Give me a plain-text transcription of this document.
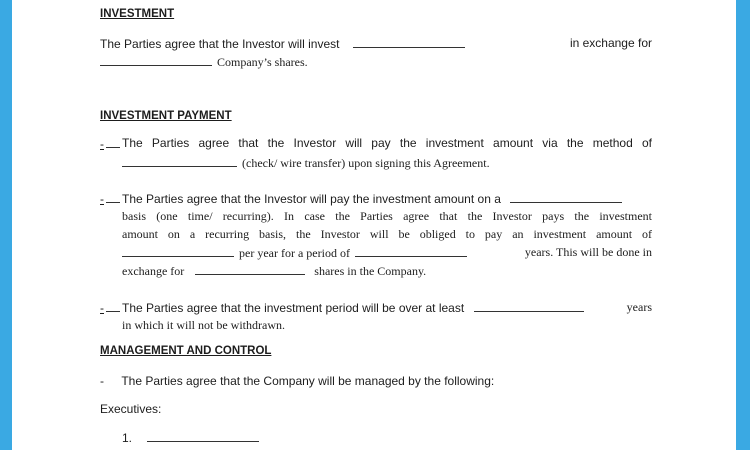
INVESTMENT
The Parties agree that the Investor will invest	in exchange for
Company’s shares.
INVESTMENT PAYMENT
-	The Parties agree that the Investor will pay the investment amount via the method of
(check/ wire transfer) upon signing this Agreement.
-	The Parties agree that the Investor will pay the investment amount on a
basis (one time/ recurring). In case the Parties agree that the Investor pays the investment
amount on a recurring basis, the Investor will be obliged to pay an investment amount of
per year for a period of	years. This will be done in
exchange for	shares in the Company.
-	The Parties agree that the investment period will be over at least	years
in which it will not be withdrawn.
MANAGEMENT AND CONTROL
- The Parties agree that the Company will be managed by the following:
Executives:
1.
